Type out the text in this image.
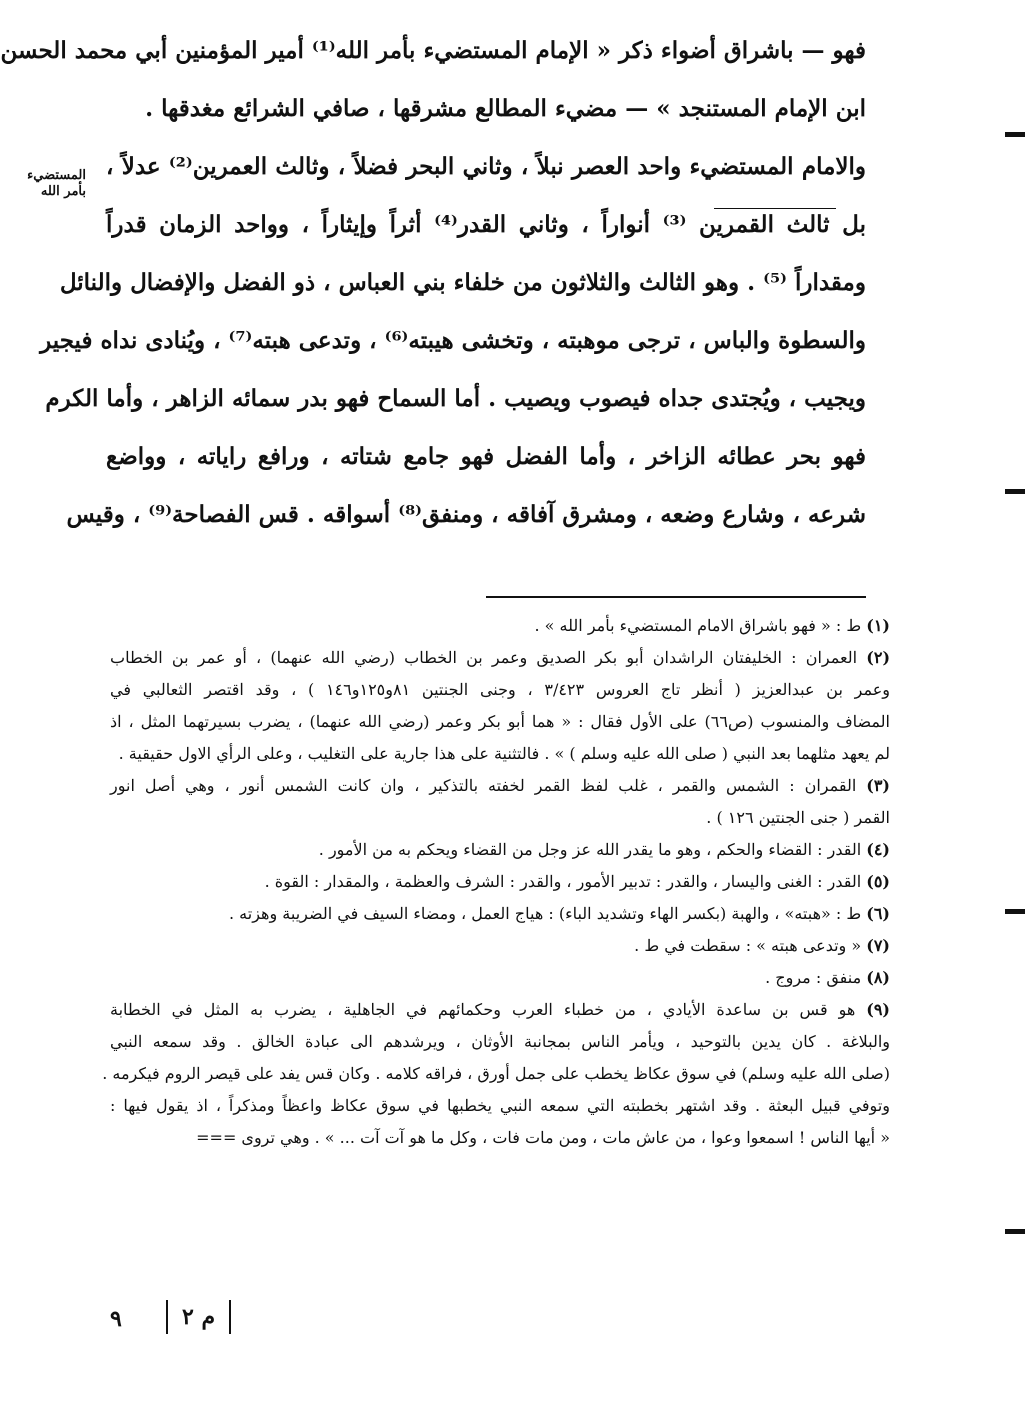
المستضيء
بأمر الله
فهو — باشراق أضواء ذكر « الإمام المستضيء بأمر الله⁽¹⁾ أمير المؤمنين أبي محمد الحسن
ابن الإمام المستنجد » — مضيء المطالع مشرقها ، صافي الشرائع مغدقها .
والامام المستضيء واحد العصر نبلاً ، وثاني البحر فضلاً ، وثالث العمرين⁽²⁾ عدلاً ،
بل ثالث القمرين ⁽³⁾ أنواراً ، وثاني القدر⁽⁴⁾ أثراً وإيثاراً ، وواحد الزمان قدراً
ومقداراً ⁽⁵⁾ . وهو الثالث والثلاثون من خلفاء بني العباس ، ذو الفضل والإفضال والنائل
والسطوة والباس ، ترجى موهبته ، وتخشى هيبته⁽⁶⁾ ، وتدعى هبته⁽⁷⁾ ، ويُنادى نداه فيجير
ويجيب ، ويُجتدى جداه فيصوب ويصيب . أما السماح فهو بدر سمائه الزاهر ، وأما الكرم
فهو بحر عطائه الزاخر ، وأما الفضل فهو جامع شتاته ، ورافع راياته ، وواضع
شرعه ، وشارع وضعه ، ومشرق آفاقه ، ومنفق⁽⁸⁾ أسواقه . قس الفصاحة⁽⁹⁾ ، وقيس
(١) ط : « فهو باشراق الامام المستضيء بأمر الله » .
(٢) العمران : الخليفتان الراشدان أبو بكر الصديق وعمر بن الخطاب (رضي الله عنهما) ، أو عمر بن الخطاب
وعمر بن عبدالعزيز ( أنظر تاج العروس ٣/٤٢٣ ، وجنى الجنتين ٨١و١٢٥و١٤٦ ) ، وقد اقتصر الثعالبي في
المضاف والمنسوب (ص٦٦) على الأول فقال : « هما أبو بكر وعمر (رضي الله عنهما) ، يضرب بسيرتهما المثل ، اذ
لم يعهد مثلهما بعد النبي ( صلى الله عليه وسلم ) » . فالتثنية على هذا جارية على التغليب ، وعلى الرأي الاول حقيقية .
(٣) القمران : الشمس والقمر ، غلب لفظ القمر لخفته بالتذكير ، وان كانت الشمس أنور ، وهي أصل انور
القمر ( جنى الجنتين ١٢٦ ) .
(٤) القدر : القضاء والحكم ، وهو ما يقدر الله عز وجل من القضاء ويحكم به من الأمور .
(٥) القدر : الغنى واليسار ، والقدر : تدبير الأمور ، والقدر : الشرف والعظمة ، والمقدار : القوة .
(٦) ط : «هبته» ، والهبة (بكسر الهاء وتشديد الباء) : هياج العمل ، ومضاء السيف في الضريبة وهزته .
(٧) « وتدعى هبته » : سقطت في ط .
(٨) منفق : مروج .
(٩) هو قس بن ساعدة الأيادي ، من خطباء العرب وحكمائهم في الجاهلية ، يضرب به المثل في الخطابة
والبلاغة . كان يدين بالتوحيد ، ويأمر الناس بمجانبة الأوثان ، ويرشدهم الى عبادة الخالق . وقد سمعه النبي
(صلى الله عليه وسلم) في سوق عكاظ يخطب على جمل أورق ، فراقه كلامه . وكان قس يفد على قيصر الروم فيكرمه .
وتوفي قبيل البعثة . وقد اشتهر بخطبته التي سمعه النبي يخطبها في سوق عكاظ واعظاً ومذكراً ، اذ يقول فيها :
« أيها الناس ! اسمعوا وعوا ، من عاش مات ، ومن مات فات ، وكل ما هو آت آت ... » . وهي تروى ===
٩	م ٢
